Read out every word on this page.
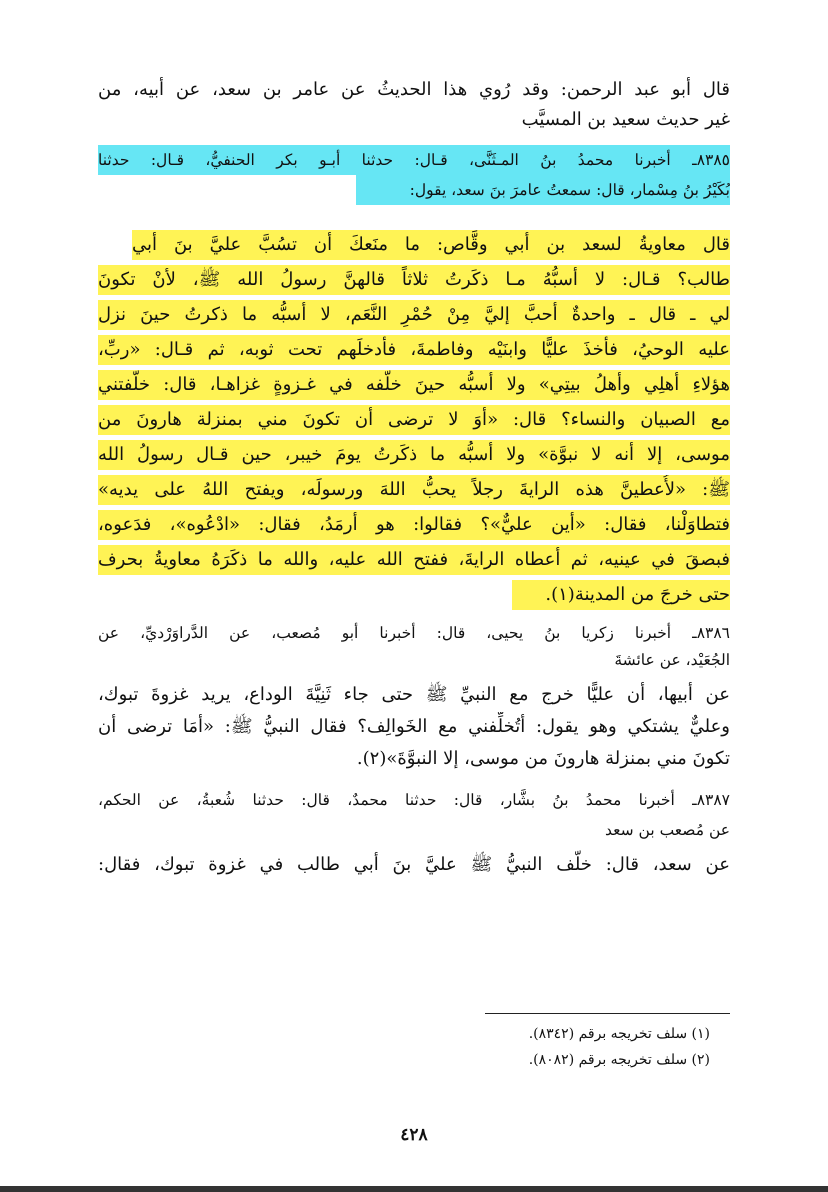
قال أبو عبد الرحمن: وقد رُوي هذا الحديثُ عن عامر بن سعد، عن أبيه، من
غير حديث سعيد بن المسيَّب
٨٣٨٥ـ أخبرنا محمدُ بنُ المـثَنَّى، قـال: حدثنا أبـو بكر الحنفيُّ، قـال: حدثنا
بُكَيْرُ بنُ مِسْمار، قال: سمعتُ عامرَ بنَ سعد، يقول:
قال معاويةُ لسعد بن أبي وقَّاص: ما منَعكَ أن تسُبَّ عليَّ بنَ أبي
طالب؟ قـال: لا أسبُّهُ مـا ذكَرتُ ثلاثاً قالهنَّ رسولُ الله ﷺ، لأنْ تكونَ
لي ـ قال ـ واحدةٌ أحبَّ إليَّ مِنْ حُمْرِ النَّعَم، لا أسبُّه ما ذكرتُ حينَ نزل
عليه الوحيُ، فأخذَ عليًّا وابنَيْه وفاطمةَ، فأدخلَهم تحت ثوبه، ثم قـال: «ربِّ،
هؤلاءِ أهلِي وأهلُ بيتِي» ولا أسبُّه حينَ خلَّفه في غـزوةٍ غزاهـا، قال: خلَّفتني
مع الصبيان والنساء؟ قال: «أوَ لا ترضى أن تكونَ مني بمنزلة هارونَ من
موسى، إلا أنه لا نبوَّة» ولا أسبُّه ما ذكَرتُ يومَ خيبر، حين قـال رسولُ الله
ﷺ: «لأُعطينَّ هذه الرايةَ رجلاً يحبُّ اللهَ ورسولَه، ويفتح اللهُ على يديه»
فتطاوَلْنا، فقال: «أين عليٌّ»؟ فقالوا: هو أرمَدُ، فقال: «ادْعُوه»، فدَعوه،
فبصقَ في عينيه، ثم أعطاه الرايةَ، ففتح الله عليه، والله ما ذكَرَهُ معاويةُ بحرف
حتى خرجَ من المدينة(١).
٨٣٨٦ـ أخبرنا زكريا بنُ يحيى، قال: أخبرنا أبو مُصعب، عن الدَّراوَرْديِّ، عن
الجُعَيْد، عن عائشةَ
عن أبيها، أن عليًّا خرج مع النبيِّ ﷺ حتى جاء ثَنِيَّةَ الوداع، يريد غزوةَ تبوك،
وعليٌّ يشتكي وهو يقول: أتُخلِّفني مع الخَوالِف؟ فقال النبيُّ ﷺ: «أمَا ترضى أن
تكونَ مني بمنزلة هارونَ من موسى، إلا النبوَّةَ»(٢).
٨٣٨٧ـ أخبرنا محمدُ بنُ بشَّار، قال: حدثنا محمدٌ، قال: حدثنا شُعبةُ، عن الحكم،
عن مُصعب بن سعد
عن سعد، قال: خلَّف النبيُّ ﷺ عليَّ بنَ أبي طالب في غزوة تبوك، فقال:
(١) سلف تخريجه برقم (٨٣٤٢).
(٢) سلف تخريجه برقم (٨٠٨٢).
٤٢٨
